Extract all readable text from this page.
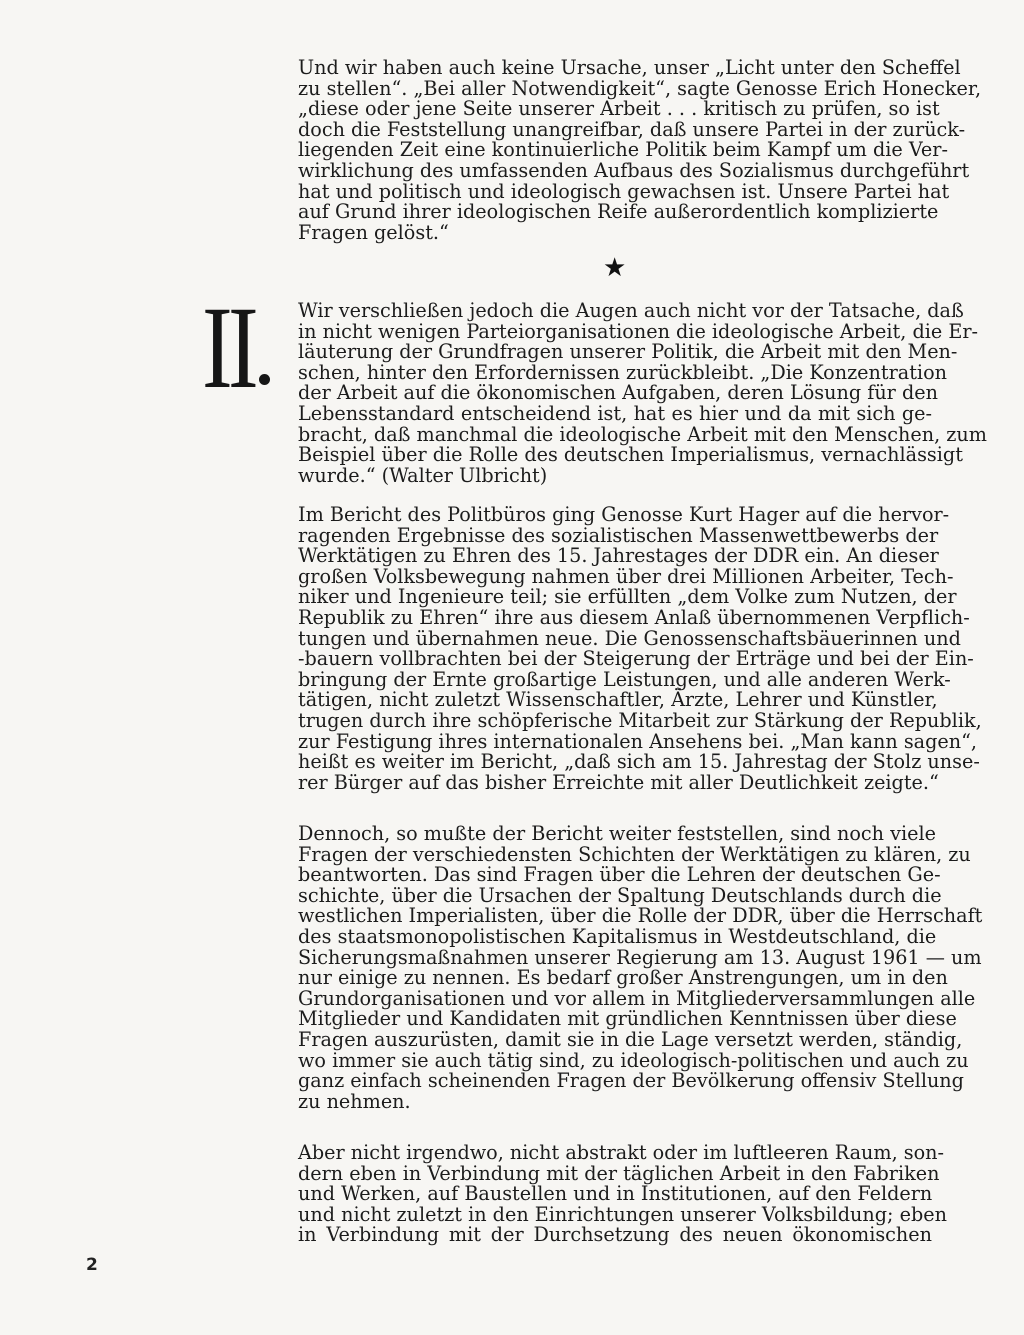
Und wir haben auch keine Ursache, unser „Licht unter den Scheffel
zu stellen“. „Bei aller Notwendigkeit“, sagte Genosse Erich Honecker,
„diese oder jene Seite unserer Arbeit . . . kritisch zu prüfen, so ist
doch die Feststellung unangreifbar, daß unsere Partei in der zurück-
liegenden Zeit eine kontinuierliche Politik beim Kampf um die Ver-
wirklichung des umfassenden Aufbaus des Sozialismus durchgeführt
hat und politisch und ideologisch gewachsen ist. Unsere Partei hat
auf Grund ihrer ideologischen Reife außerordentlich komplizierte
Fragen gelöst.“
★
II Wir verschließen jedoch die Augen auch nicht vor der Tatsache, daß
in nicht wenigen Parteiorganisationen die ideologische Arbeit, die Er-
läuterung der Grundfragen unserer Politik, die Arbeit mit den Men-
schen, hinter den Erfordernissen zurückbleibt. „Die Konzentration
der Arbeit auf die ökonomischen Aufgaben, deren Lösung für den
Lebensstandard entscheidend ist, hat es hier und da mit sich ge-
bracht, daß manchmal die ideologische Arbeit mit den Menschen, zum
Beispiel über die Rolle des deutschen Imperialismus, vernachlässigt
wurde.“ (Walter Ulbricht)
Im Bericht des Politbüros ging Genosse Kurt Hager auf die hervor-
ragenden Ergebnisse des sozialistischen Massenwettbewerbs der
Werktätigen zu Ehren des 15. Jahrestages der DDR ein. An dieser
großen Volksbewegung nahmen über drei Millionen Arbeiter, Tech-
niker und Ingenieure teil; sie erfüllten „dem Volke zum Nutzen, der
Republik zu Ehren“ ihre aus diesem Anlaß übernommenen Verpflich-
tungen und übernahmen neue. Die Genossenschaftsbäuerinnen und
-bauern vollbrachten bei der Steigerung der Erträge und bei der Ein-
bringung der Ernte großartige Leistungen, und alle anderen Werk-
tätigen, nicht zuletzt Wissenschaftler, Ärzte, Lehrer und Künstler,
trugen durch ihre schöpferische Mitarbeit zur Stärkung der Republik,
zur Festigung ihres internationalen Ansehens bei. „Man kann sagen“,
heißt es weiter im Bericht, „daß sich am 15. Jahrestag der Stolz unse-
rer Bürger auf das bisher Erreichte mit aller Deutlichkeit zeigte.“
Dennoch, so mußte der Bericht weiter feststellen, sind noch viele
Fragen der verschiedensten Schichten der Werktätigen zu klären, zu
beantworten. Das sind Fragen über die Lehren der deutschen Ge-
schichte, über die Ursachen der Spaltung Deutschlands durch die
westlichen Imperialisten, über die Rolle der DDR, über die Herrschaft
des staatsmonopolistischen Kapitalismus in Westdeutschland, die
Sicherungsmaßnahmen unserer Regierung am 13. August 1961 — um
nur einige zu nennen. Es bedarf großer Anstrengungen, um in den
Grundorganisationen und vor allem in Mitgliederversammlungen alle
Mitglieder und Kandidaten mit gründlichen Kenntnissen über diese
Fragen auszurüsten, damit sie in die Lage versetzt werden, ständig,
wo immer sie auch tätig sind, zu ideologisch-politischen und auch zu
ganz einfach scheinenden Fragen der Bevölkerung offensiv Stellung
zu nehmen.
Aber nicht irgendwo, nicht abstrakt oder im luftleeren Raum, son-
dern eben in Verbindung mit der täglichen Arbeit in den Fabriken
und Werken, auf Baustellen und in Institutionen, auf den Feldern
und nicht zuletzt in den Einrichtungen unserer Volksbildung; eben
in Verbindung mit der Durchsetzung des neuen ökonomischen
2
